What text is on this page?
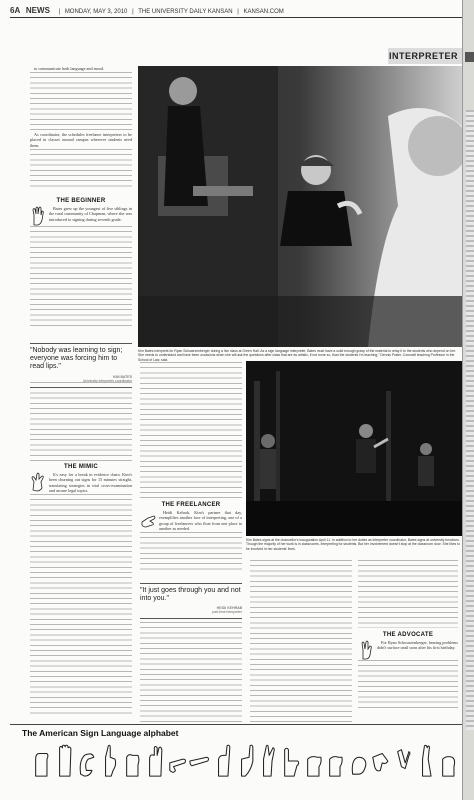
6A NEWS | MONDAY, MAY 3, 2010 | THE UNIVERSITY DAILY KANSAN | KANSAN.COM
INTERPRETER

to communicate both language and mood.

As coordinator, the schedules freelance interpreters to be placed in classes around campus wherever students need them.

THE BEGINNER

Bates grew up the youngest of five siblings in the rural community of Chapman, where she was introduced to signing during seventh grade.

"Nobody was learning to sign; everyone was forcing him to read lips."
KIM BATES
University interpreter coordinator
THE MIMIC

It's easy for a break in evidence chain. Kim's been churning out signs for 15 minutes straight, translating strategies in trial cross-examination and arcane legal topics.

Kim Bates interprets for Ryan Schwarzenberger during a live class at Green Hall. As a sign language interpreter, Bates must have a solid enough grasp of the material to relay it to the students who depend on her. She needs to understand and have been occasions when she will ask the questions after class that are as artistic, if not more so, than the students I'm teaching," Dennis Prater, Cornwell teaching Professor in the School of Law, said.
THE FREELANCER

Heidi Kehrab, Kim's partner that day, exemplifies another face of interpreting, one of a group of freelancers who float from one place to another as needed.

"It just goes through you and not into you."
HEIDI KEHRAB
part-time interpreter
Kim Bates signs at the chancellor's inauguration April 11. In addition to her duties as interpreter coordinator, Bates signs at university functions. Though the majority of her work is in classrooms, interpreting for students. But her involvement doesn't stop at the classroom door. She likes to be involved in her students' lives.
THE ADVOCATE

For Ryan Schwarzenberger, hearing problems didn't surface until soon after his first birthday.

The American Sign Language alphabet
